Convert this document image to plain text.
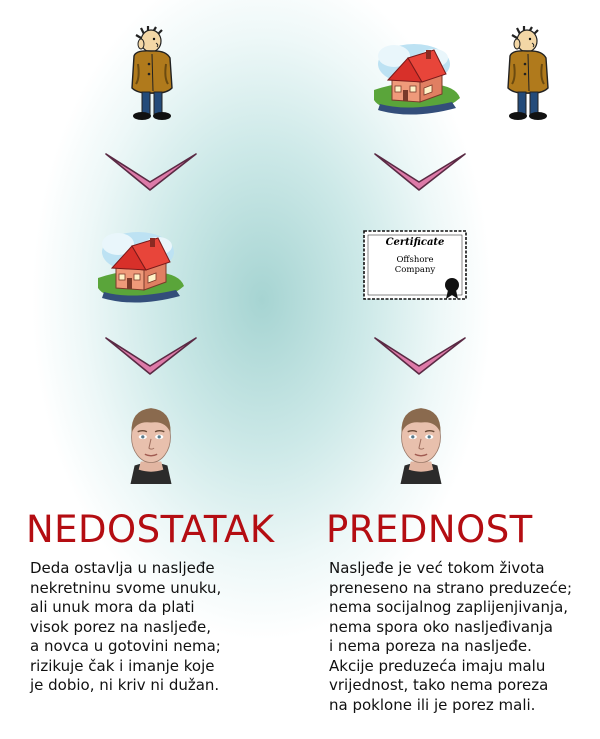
Certificate
Offshore
Company
NEDOSTATAK PREDNOST
Deda ostavlja u nasljeđe
nekretninu svome unuku,
ali unuk mora da plati
visok porez na nasljeđe,
a novca u gotovini nema;
rizikuje čak i imanje koje
je dobio, ni kriv ni dužan.
Nasljeđe je već tokom života
preneseno na strano preduzeće;
nema socijalnog zaplijenjivanja,
nema spora oko nasljeđivanja
i nema poreza na nasljeđe.
Akcije preduzeća imaju malu
vrijednost, tako nema poreza
na poklone ili je porez mali.
